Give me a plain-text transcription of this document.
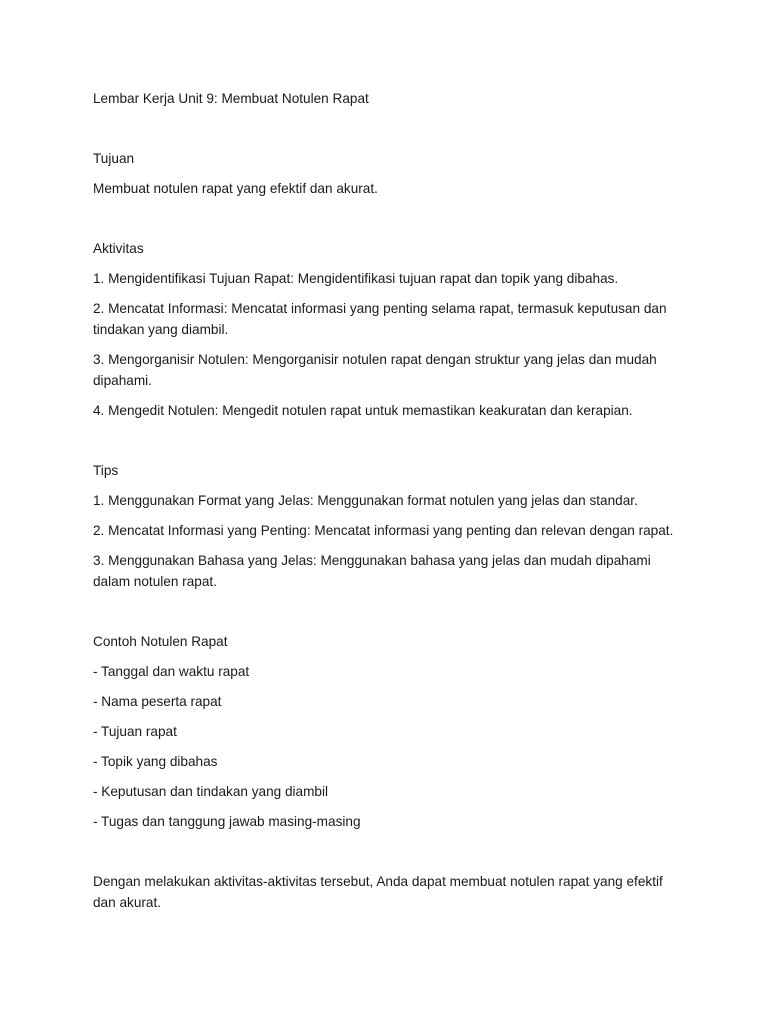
Lembar Kerja Unit 9: Membuat Notulen Rapat

Tujuan

Membuat notulen rapat yang efektif dan akurat.

Aktivitas

1. Mengidentifikasi Tujuan Rapat: Mengidentifikasi tujuan rapat dan topik yang dibahas.

2. Mencatat Informasi: Mencatat informasi yang penting selama rapat, termasuk keputusan dan tindakan yang diambil.

3. Mengorganisir Notulen: Mengorganisir notulen rapat dengan struktur yang jelas dan mudah dipahami.

4. Mengedit Notulen: Mengedit notulen rapat untuk memastikan keakuratan dan kerapian.

Tips

1. Menggunakan Format yang Jelas: Menggunakan format notulen yang jelas dan standar.

2. Mencatat Informasi yang Penting: Mencatat informasi yang penting dan relevan dengan rapat.

3. Menggunakan Bahasa yang Jelas: Menggunakan bahasa yang jelas dan mudah dipahami dalam notulen rapat.

Contoh Notulen Rapat

- Tanggal dan waktu rapat

- Nama peserta rapat

- Tujuan rapat

- Topik yang dibahas

- Keputusan dan tindakan yang diambil

- Tugas dan tanggung jawab masing-masing

Dengan melakukan aktivitas-aktivitas tersebut, Anda dapat membuat notulen rapat yang efektif dan akurat.
